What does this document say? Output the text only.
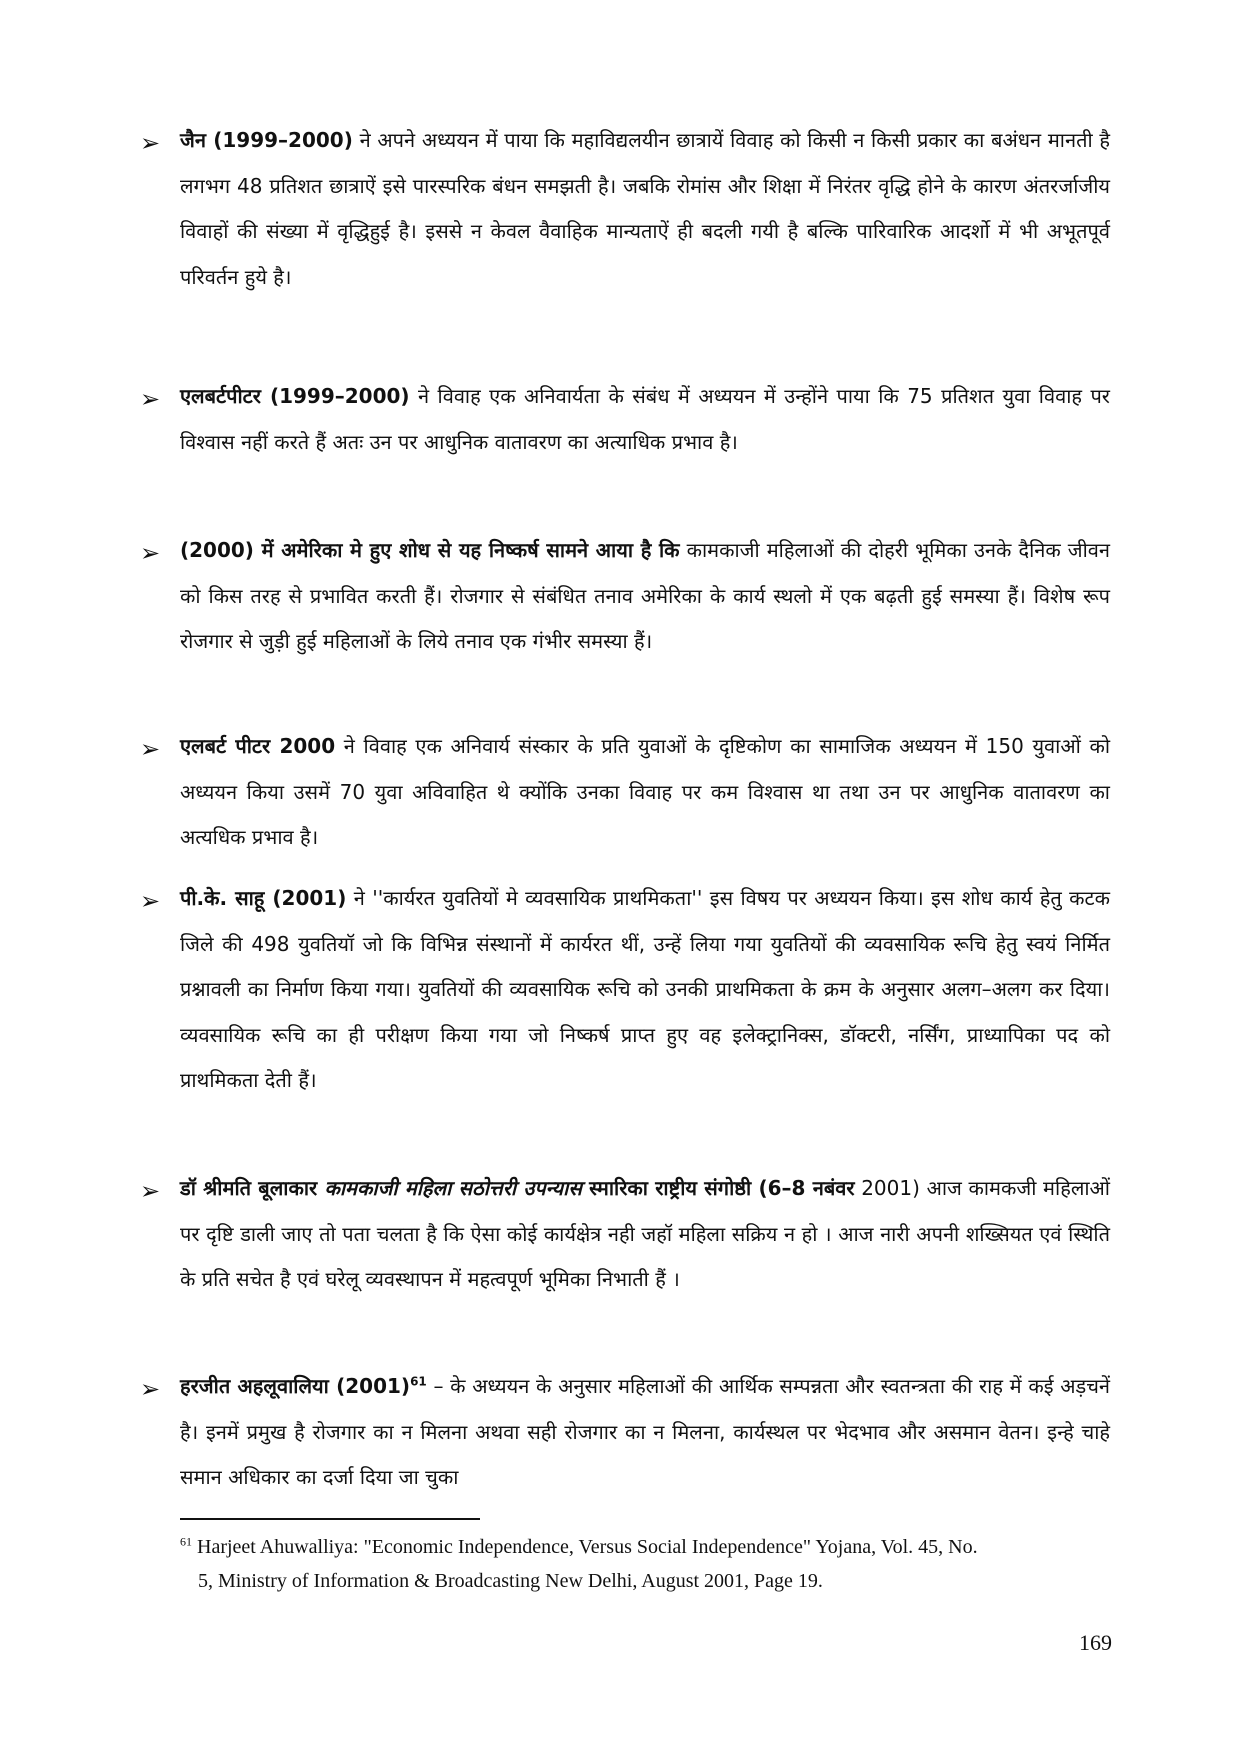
➢ जैन (1999–2000) ने अपने अध्ययन में पाया कि महाविद्यलयीन छात्रायें विवाह को किसी न किसी प्रकार का बअंधन मानती है लगभग 48 प्रतिशत छात्राऐं इसे पारस्परिक बंधन समझती है। जबकि रोमांस और शिक्षा में निरंतर वृद्धि होने के कारण अंतरर्जाजीय विवाहों की संख्या में वृद्धिहुई है। इससे न केवल वैवाहिक मान्यताऐं ही बदली गयी है बल्कि पारिवारिक आदर्शो में भी अभूतपूर्व परिवर्तन हुये है।
➢ एलबर्टपीटर (1999–2000) ने विवाह एक अनिवार्यता के संबंध में अध्ययन में उन्होंने पाया कि 75 प्रतिशत युवा विवाह पर विश्वास नहीं करते हैं अतः उन पर आधुनिक वातावरण का अत्याधिक प्रभाव है।
➢ (2000) में अमेरिका मे हुए शोध से यह निष्कर्ष सामने आया है कि कामकाजी महिलाओं की दोहरी भूमिका उनके दैनिक जीवन को किस तरह से प्रभावित करती हैं। रोजगार से संबंधित तनाव अमेरिका के कार्य स्थलो में एक बढ़ती हुई समस्या हैं। विशेष रूप रोजगार से जुड़ी हुई महिलाओं के लिये तनाव एक गंभीर समस्या हैं।
➢ एलबर्ट पीटर 2000 ने विवाह एक अनिवार्य संस्कार के प्रति युवाओं के दृष्टिकोण का सामाजिक अध्ययन में 150 युवाओं को अध्ययन किया उसमें 70 युवा अविवाहित थे क्योंकि उनका विवाह पर कम विश्वास था तथा उन पर आधुनिक वातावरण का अत्यधिक प्रभाव है।
➢ पी.के. साहू (2001) ने ''कार्यरत युवतियों मे व्यवसायिक प्राथमिकता'' इस विषय पर अध्ययन किया। इस शोध कार्य हेतु कटक जिले की 498 युवतियॉ जो कि विभिन्न संस्थानों में कार्यरत थीं, उन्हें लिया गया युवतियों की व्यवसायिक रूचि हेतु स्वयं निर्मित प्रश्नावली का निर्माण किया गया। युवतियों की व्यवसायिक रूचि को उनकी प्राथमिकता के क्रम के अनुसार अलग–अलग कर दिया। व्यवसायिक रूचि का ही परीक्षण किया गया जो निष्कर्ष प्राप्त हुए वह इलेक्ट्रानिक्स, डॉक्टरी, नर्सिंग, प्राध्यापिका पद को प्राथमिकता देती हैं।
➢ डॉ श्रीमति बूलाकार कामकाजी महिला सठोत्तरी उपन्यास स्मारिका राष्ट्रीय संगोष्ठी (6–8 नबंवर 2001) आज कामकजी महिलाओं पर दृष्टि डाली जाए तो पता चलता है कि ऐसा कोई कार्यक्षेत्र नही जहॉ महिला सक्रिय न हो । आज नारी अपनी शख्सियत एवं स्थिति के प्रति सचेत है एवं घरेलू व्यवस्थापन में महत्वपूर्ण भूमिका निभाती हैं ।
➢ हरजीत अहलूवालिया $(2001)^{61}$ – के अध्ययन के अनुसार महिलाओं की आर्थिक सम्पन्नता और स्वतन्त्रता की राह में कई अड़चनें है। इनमें प्रमुख है रोजगार का न मिलना अथवा सही रोजगार का न मिलना, कार्यस्थल पर भेदभाव और असमान वेतन। इन्हे चाहे समान अधिकार का दर्जा दिया जा चुका
$^{61}$ Harjeet Ahuwalliya: "Economic Independence, Versus Social Independence" Yojana, Vol. 45, No.
5, Ministry of Information & Broadcasting New Delhi, August 2001, Page 19.
169
